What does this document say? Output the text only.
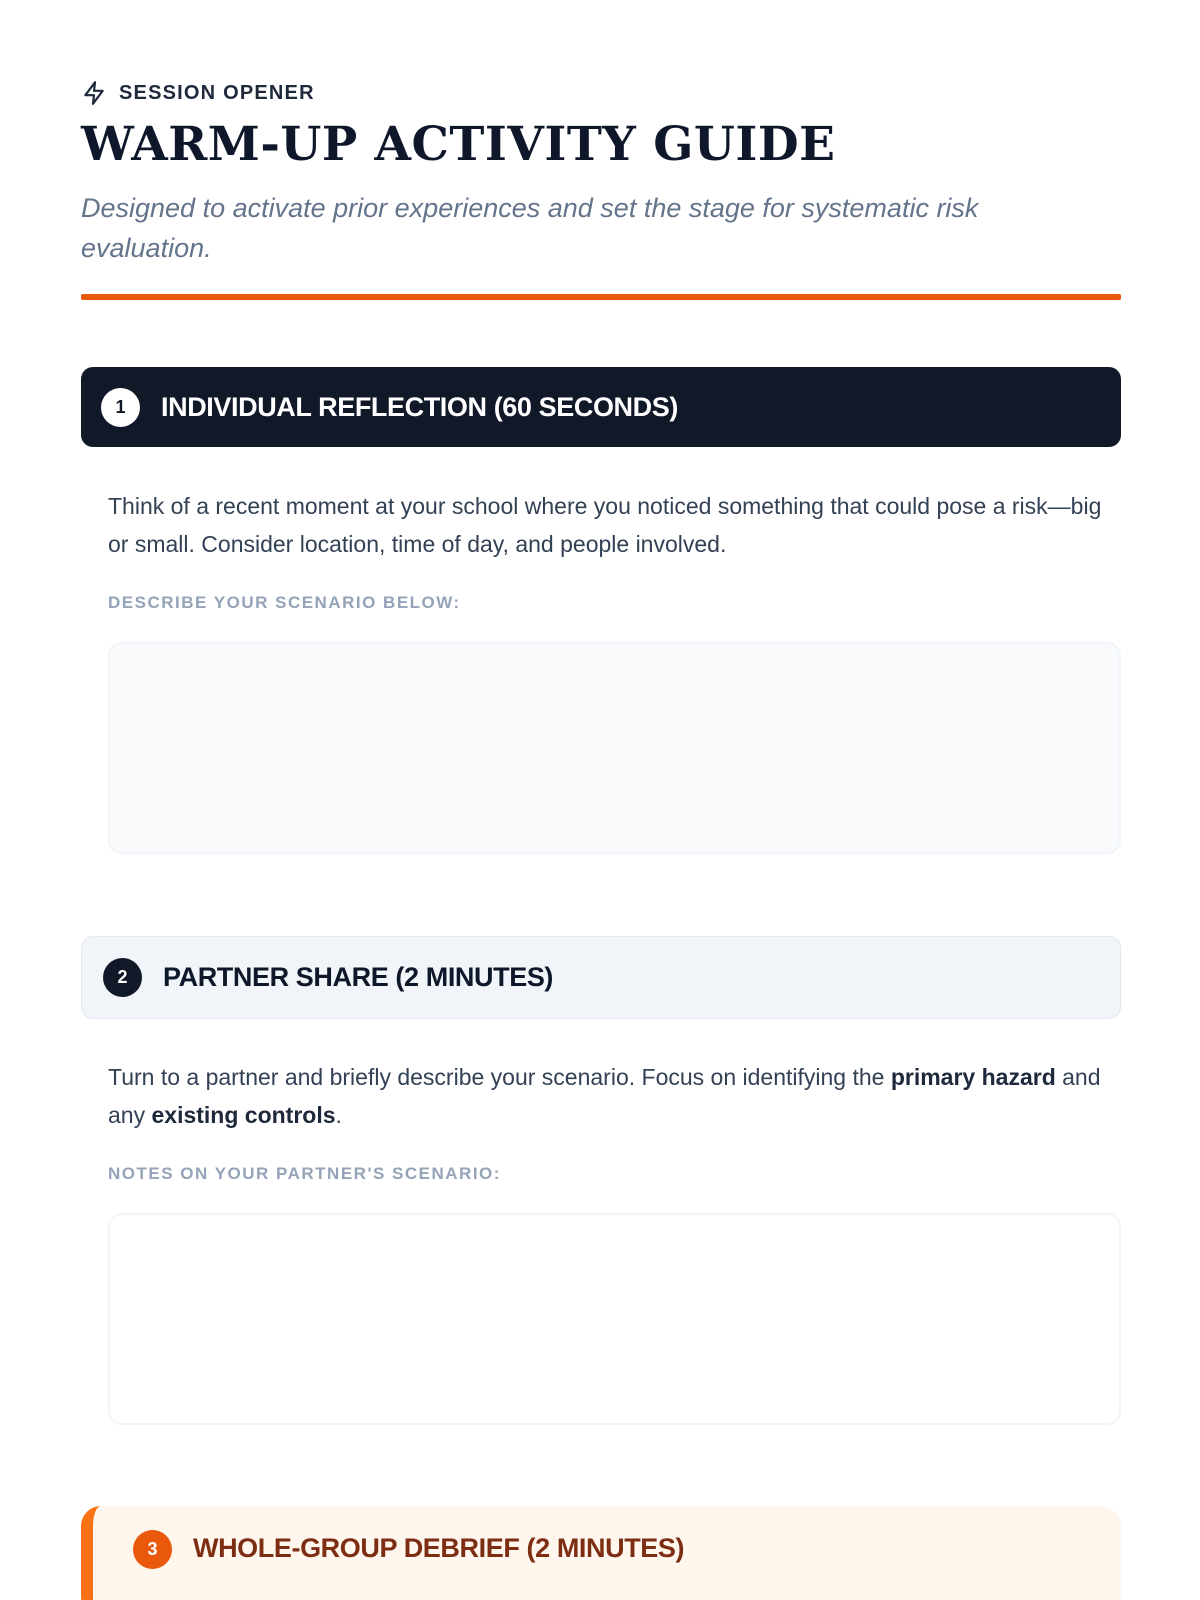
SESSION OPENER
WARM-UP ACTIVITY GUIDE

Designed to activate prior experiences and set the stage for systematic risk evaluation.

1	INDIVIDUAL REFLECTION (60 SECONDS)

Think of a recent moment at your school where you noticed something that could pose a risk—big or small. Consider location, time of day, and people involved.

DESCRIBE YOUR SCENARIO BELOW:
2	PARTNER SHARE (2 MINUTES)

Turn to a partner and briefly describe your scenario. Focus on identifying the primary hazard and any existing controls.

NOTES ON YOUR PARTNER'S SCENARIO:
3	WHOLE-GROUP DEBRIEF (2 MINUTES)
